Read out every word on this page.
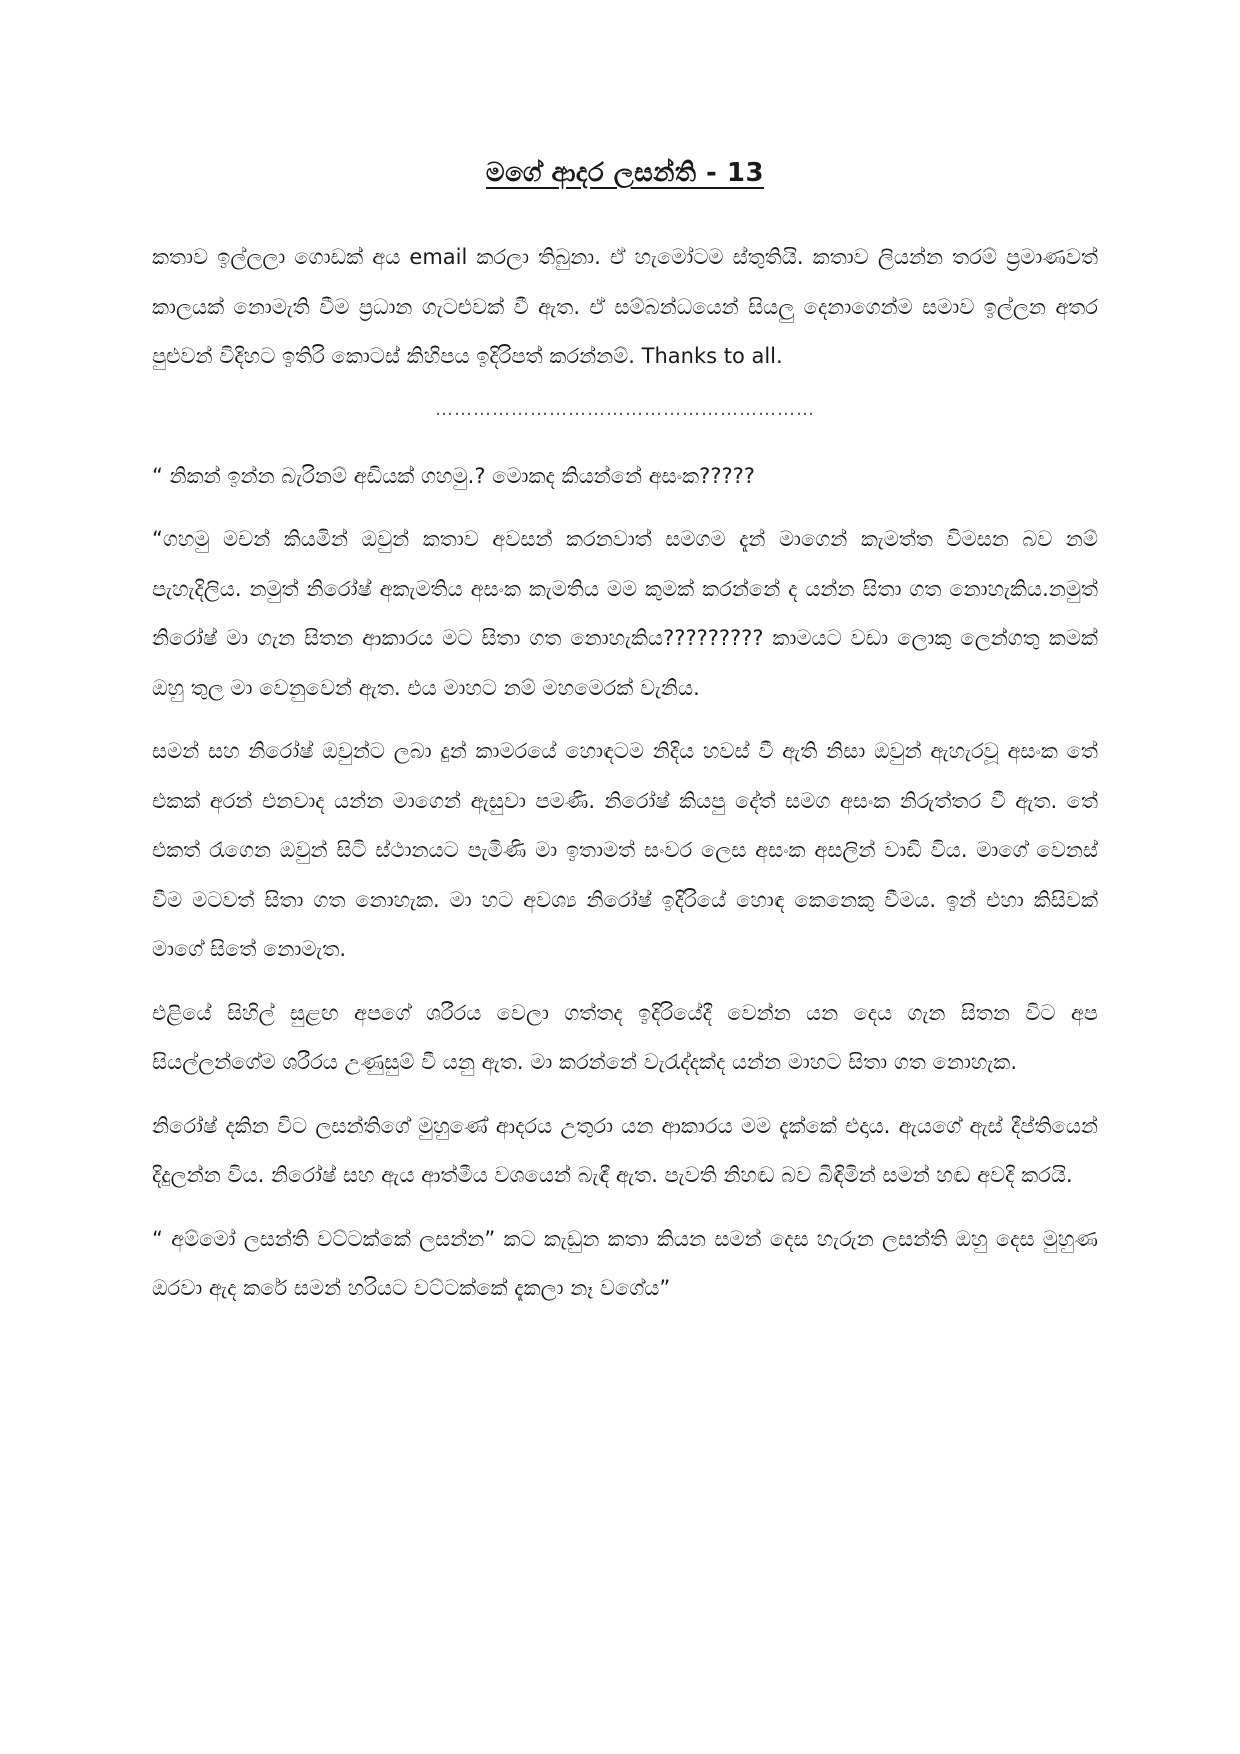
මගේ ආදර ලසන්ති - 13

කතාව ඉල්ලලා ගොඩක් අය email කරලා තිබුනා. ඒ හැමෝටම ස්තුතියි. කතාව ලියන්න තරම් ප්‍රමාණවත් කාලයක් නොමැති වීම ප්‍රධාන ගැටළුවක් වී ඇත. ඒ සම්බන්ධයෙන් සියලු දෙනාගෙන්ම සමාව ඉල්ලන අතර පුළුවන් විදිහට ඉතිරි කොටස් කිහිපය ඉදිරිපත් කරන්නම්. Thanks to all.

……………………………………………………

“ නිකන් ඉන්න බැරිනම් අඩියක් ගහමු.? මොකද කියන්නේ අසංක?????

“ගහමු මචන් කියමින් ඔවුන් කතාව අවසන් කරනවාත් සමගම දැන් මාගෙන් කැමත්ත විමසන බව නම් පැහැදිලිය. නමුත් නිරෝෂ් අකැමතිය අසංක කැමතිය මම කුමක් කරන්නේ ද යන්න සිතා ගත නොහැකිය.නමුත් නිරෝෂ් මා ගැන සිතන ආකාරය මට සිතා ගත නොහැකිය????????? කාමයට වඩා ලොකු ලෙන්ගතු කමක් ඔහු තුල මා වෙනුවෙන් ඇත. එය මාහට නම් මහමෙරක් වැනිය.

සමන් සහ නිරෝෂ් ඔවුන්ට ලබා දුන් කාමරයේ හොඳටම නිදිය හවස් වී ඇති නිසා ඔවුන් ඇහැරවූ අසංක තේ එකක් අරන් එනවාද යන්න මාගෙන් ඇසුවා පමණි. නිරෝෂ් කියපු දේත් සමග අසංක නිරුත්තර වී ඇත. තේ එකත් රැගෙන ඔවුන් සිටි ස්ථානයට පැමිණි මා ඉතාමත් සංවර ලෙස අසංක අසලින් වාඩි විය. මාගේ වෙනස් වීම මටවත් සිතා ගත නොහැක. මා හට අවශ්‍ය නිරෝෂ් ඉදිරියේ හොඳ කෙනෙකු වීමය. ඉන් එහා කිසිවක් මාගේ සිතේ නොමැත.

එළියේ සිහිල් සුළඟ අපගේ ශරීරය වෙලා ගත්තද ඉදිරියේදී වෙන්න යන දෙය ගැන සිතන විට අප සියල්ලන්ගේම ශරීරය උණුසුම් වී යනු ඇත. මා කරන්නේ වැරැද්දක්ද යන්න මාහට සිතා ගත නොහැක.

නිරෝෂ් දකින විට ලසන්තිගේ මුහුණේ ආදරය උතුරා යන ආකාරය මම දැක්කේ එදාය. ඇයගේ ඇස් දීප්තියෙන් දිදුලන්න විය. නිරෝෂ් සහ ඇය ආත්මීය වශයෙන් බැඳී ඇත. පැවති නිහඬ බව බිඳිමින් සමන් හඬ අවදි කරයි.

“ අම්මෝ ලසන්ති වට්ටක්කේ ලසන්න” කට කැඩුන කතා කියන සමන් දෙස හැරුන ලසන්ති ඔහු දෙස මුහුණ ඔරවා ඇද කරේ සමන් හරියට වට්ටක්කේ දැකලා නෑ වගේය”
